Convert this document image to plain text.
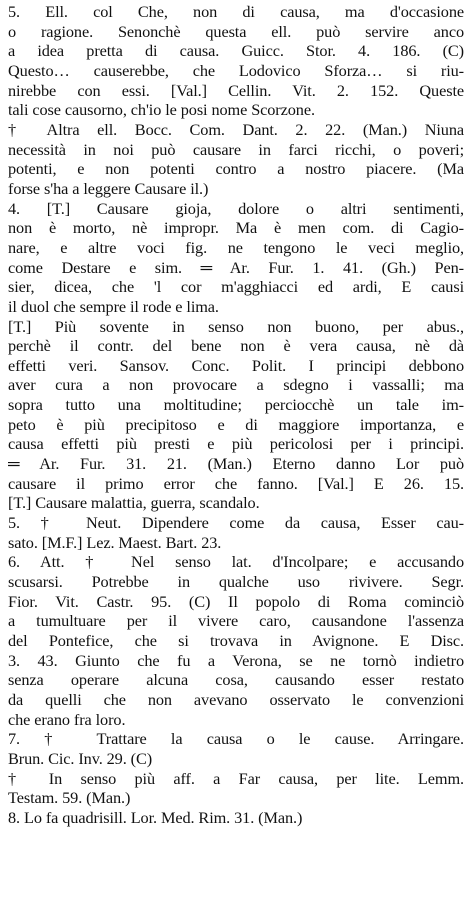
5. Ell. col Che, non di causa, ma d'occasione
o ragione. Senonchè questa ell. può servire anco
a idea pretta di causa. Guicc. Stor. 4. 186. (C)
Questo… causerebbe, che Lodovico Sforza… si riu-
nirebbe con essi. [Val.] Cellin. Vit. 2. 152. Queste
tali cose causorno, ch'io le posi nome Scorzone.
† Altra ell. Bocc. Com. Dant. 2. 22. (Man.) Niuna
necessità in noi può causare in farci ricchi, o poveri;
potenti, e non potenti contro a nostro piacere. (Ma
forse s'ha a leggere Causare il.)
4. [T.] Causare gioja, dolore o altri sentimenti,
non è morto, nè impropr. Ma è men com. di Cagio-
nare, e altre voci fig. ne tengono le veci meglio,
come Destare e sim. ═ Ar. Fur. 1. 41. (Gh.) Pen-
sier, dicea, che 'l cor m'agghiacci ed ardi, E causi
il duol che sempre il rode e lima.
[T.] Più sovente in senso non buono, per abus.,
perchè il contr. del bene non è vera causa, nè dà
effetti veri. Sansov. Conc. Polit. I principi debbono
aver cura a non provocare a sdegno i vassalli; ma
sopra tutto una moltitudine; perciocchè un tale im-
peto è più precipitoso e di maggiore importanza, e
causa effetti più presti e più pericolosi per i principi.
═ Ar. Fur. 31. 21. (Man.) Eterno danno Lor può
causare il primo error che fanno. [Val.] E 26. 15.
[T.] Causare malattia, guerra, scandalo.
5. † Neut. Dipendere come da causa, Esser cau-
sato. [M.F.] Lez. Maest. Bart. 23.
6. Att. † Nel senso lat. d'Incolpare; e accusando
scusarsi. Potrebbe in qualche uso rivivere. Segr.
Fior. Vit. Castr. 95. (C) Il popolo di Roma cominciò
a tumultuare per il vivere caro, causandone l'assenza
del Pontefice, che si trovava in Avignone. E Disc.
3. 43. Giunto che fu a Verona, se ne tornò indietro
senza operare alcuna cosa, causando esser restato
da quelli che non avevano osservato le convenzioni
che erano fra loro.
7. † Trattare la causa o le cause. Arringare.
Brun. Cic. Inv. 29. (C)
† In senso più aff. a Far causa, per lite. Lemm.
Testam. 59. (Man.)
8. Lo fa quadrisill. Lor. Med. Rim. 31. (Man.)
